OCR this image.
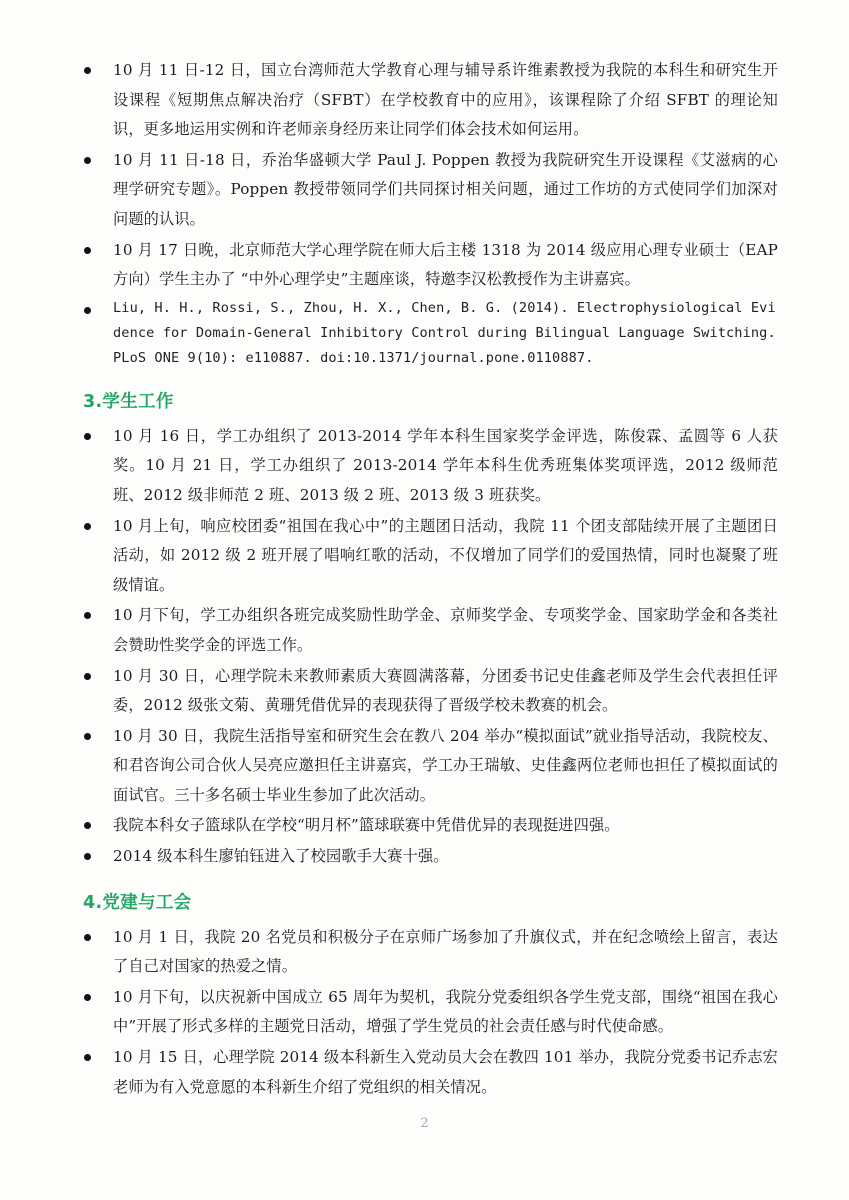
10 月 11 日-12 日，国立台湾师范大学教育心理与辅导系许维素教授为我院的本科生和研究生开设课程《短期焦点解决治疗（SFBT）在学校教育中的应用》，该课程除了介绍 SFBT 的理论知识，更多地运用实例和许老师亲身经历来让同学们体会技术如何运用。
10 月 11 日-18 日，乔治华盛顿大学 Paul J. Poppen 教授为我院研究生开设课程《艾滋病的心理学研究专题》。Poppen 教授带领同学们共同探讨相关问题，通过工作坊的方式使同学们加深对问题的认识。
10 月 17 日晚，北京师范大学心理学院在师大后主楼 1318 为 2014 级应用心理专业硕士（EAP 方向）学生主办了 “中外心理学史”主题座谈，特邀李汉松教授作为主讲嘉宾。
Liu, H. H., Rossi, S., Zhou, H. X., Chen, B. G. (2014). Electrophysiological Evidence for Domain-General Inhibitory Control during Bilingual Language Switching. PLoS ONE 9(10): e110887. doi:10.1371/journal.pone.0110887.
3.学生工作
10 月 16 日，学工办组织了 2013-2014 学年本科生国家奖学金评选，陈俊霖、孟圆等 6 人获奖。10 月 21 日，学工办组织了 2013-2014 学年本科生优秀班集体奖项评选，2012 级师范班、2012 级非师范 2 班、2013 级 2 班、2013 级 3 班获奖。
10 月上旬，响应校团委“祖国在我心中”的主题团日活动，我院 11 个团支部陆续开展了主题团日活动，如 2012 级 2 班开展了唱响红歌的活动，不仅增加了同学们的爱国热情，同时也凝聚了班级情谊。
10 月下旬，学工办组织各班完成奖励性助学金、京师奖学金、专项奖学金、国家助学金和各类社会赞助性奖学金的评选工作。
10 月 30 日，心理学院未来教师素质大赛圆满落幕，分团委书记史佳鑫老师及学生会代表担任评委，2012 级张文菊、黄珊凭借优异的表现获得了晋级学校未教赛的机会。
10 月 30 日，我院生活指导室和研究生会在教八 204 举办“模拟面试”就业指导活动，我院校友、和君咨询公司合伙人吴亮应邀担任主讲嘉宾，学工办王瑞敏、史佳鑫两位老师也担任了模拟面试的面试官。三十多名硕士毕业生参加了此次活动。
我院本科女子篮球队在学校“明月杯”篮球联赛中凭借优异的表现挺进四强。
2014 级本科生廖铂钰进入了校园歌手大赛十强。
4.党建与工会
10 月 1 日，我院 20 名党员和积极分子在京师广场参加了升旗仪式，并在纪念喷绘上留言，表达了自己对国家的热爱之情。
10 月下旬，以庆祝新中国成立 65 周年为契机，我院分党委组织各学生党支部，围绕“祖国在我心中”开展了形式多样的主题党日活动，增强了学生党员的社会责任感与时代使命感。
10 月 15 日，心理学院 2014 级本科新生入党动员大会在教四 101 举办，我院分党委书记乔志宏老师为有入党意愿的本科新生介绍了党组织的相关情况。
2
